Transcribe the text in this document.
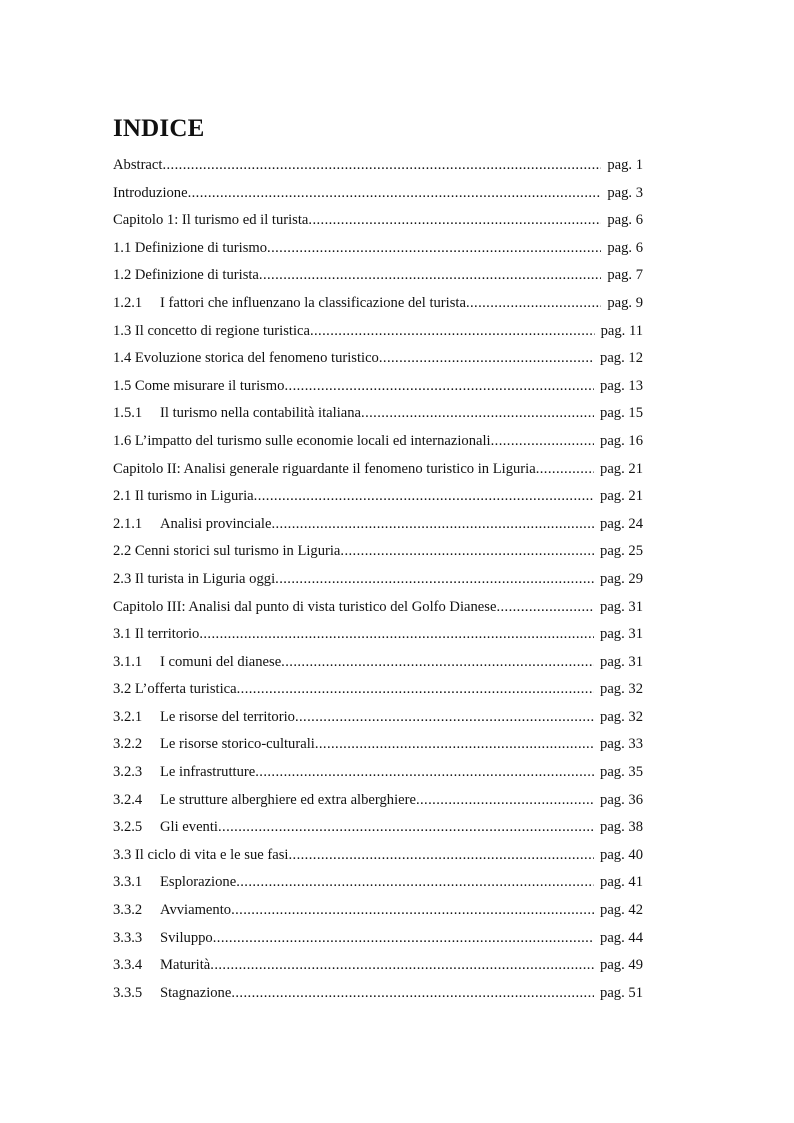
INDICE
Abstract .....	pag. 1
Introduzione .....	pag. 3
Capitolo 1: Il turismo ed il turista .....	pag. 6
1.1 Definizione di turismo .....	pag. 6
1.2 Definizione di turista .....	pag. 7
1.2.1	I fattori che influenzano la classificazione del turista .....	pag. 9
1.3 Il concetto di regione turistica .....	pag. 11
1.4 Evoluzione storica del fenomeno turistico .....	pag. 12
1.5 Come misurare il turismo .....	pag. 13
1.5.1	Il turismo nella contabilità italiana .....	pag. 15
1.6 L’impatto del turismo sulle economie locali ed internazionali .....	pag. 16
Capitolo II: Analisi generale riguardante il fenomeno turistico in Liguria .....	pag. 21
2.1 Il turismo in Liguria .....	pag. 21
2.1.1	Analisi provinciale .....	pag. 24
2.2 Cenni storici sul turismo in Liguria .....	pag. 25
2.3 Il turista in Liguria oggi .....	pag. 29
Capitolo III: Analisi dal punto di vista turistico del Golfo Dianese .....	pag. 31
3.1 Il territorio .....	pag. 31
3.1.1	I comuni del dianese .....	pag. 31
3.2 L’offerta turistica .....	pag. 32
3.2.1	Le risorse del territorio .....	pag. 32
3.2.2	Le risorse storico-culturali .....	pag. 33
3.2.3	Le infrastrutture .....	pag. 35
3.2.4	Le strutture alberghiere ed extra alberghiere .....	pag. 36
3.2.5	Gli eventi .....	pag. 38
3.3 Il ciclo di vita e le sue fasi .....	pag. 40
3.3.1	Esplorazione .....	pag. 41
3.3.2	Avviamento .....	pag. 42
3.3.3	Sviluppo .....	pag. 44
3.3.4	Maturità .....	pag. 49
3.3.5	Stagnazione .....	pag. 51
